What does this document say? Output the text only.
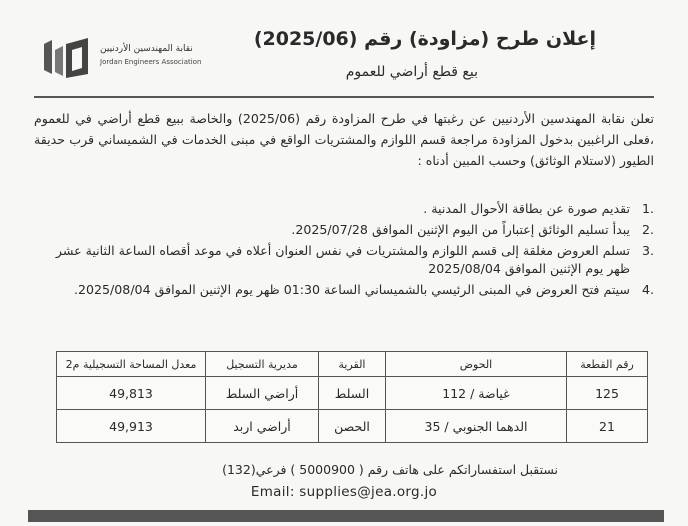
إعلان طرح (مزاودة) رقم (2025/06)
بيع قطع أراضي للعموم
نقابة المهندسين الأردنيين
Jordan Engineers Association
تعلن نقابة المهندسين الأردنيين عن رغبتها في طرح المزاودة رقم (2025/06) والخاصة ببيع قطع أراضي في للعموم ،فعلى الراغبين بدخول المزاودة مراجعة قسم اللوازم والمشتريات الواقع في مبنى الخدمات في الشميساني قرب حديقة الطيور (لاستلام الوثائق) وحسب المبين أدناه :
1.
تقديم صورة عن بطاقة الأحوال المدنية .
2.
يبدأ تسليم الوثائق إعتباراً من اليوم الإثنين الموافق 2025/07/28.
3.
تسلم العروض مغلقة إلى قسم اللوازم والمشتريات في نفس العنوان أعلاه في موعد أقصاه الساعة الثانية عشر ظهر يوم الإثنين الموافق 2025/08/04
4.
سيتم فتح العروض في المبنى الرئيسي بالشميساني الساعة 01:30 ظهر يوم الإثنين الموافق 2025/08/04.
رقم القطعة	الحوض	القرية	مديرية التسجيل	معدل المساحة التسجيلية م2
125	غياضة / 112	السلط	أراضي السلط	49,813
21	الدهما الجنوبي / 35	الحصن	أراضي اربد	49,913
نستقبل استفساراتكم على هاتف رقم ( 5000900 ) فرعي(132)
Email: supplies@jea.org.jo
